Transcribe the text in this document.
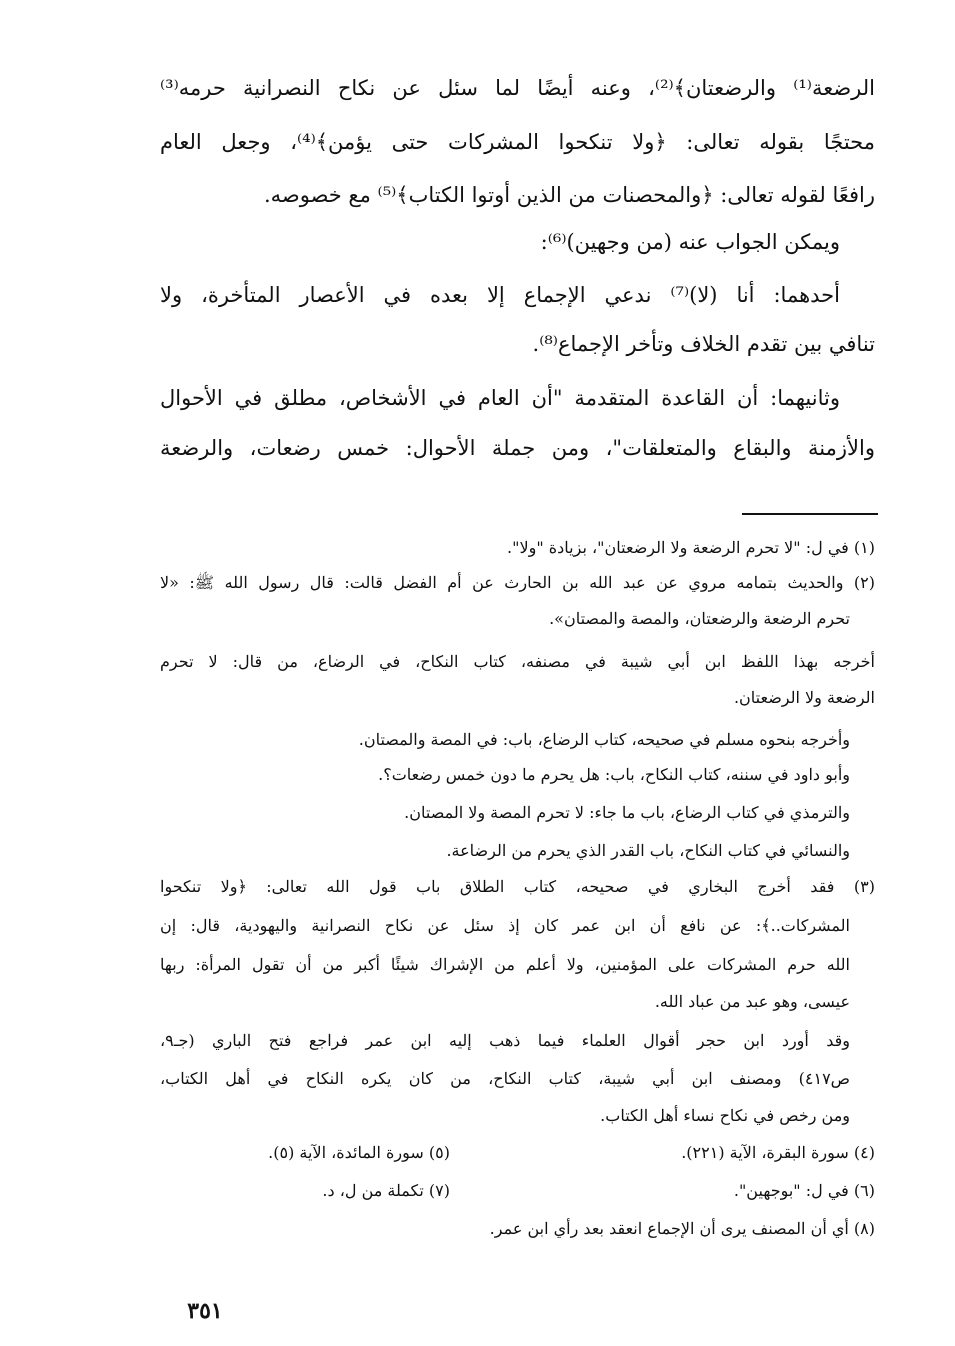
الرضعة⁽¹⁾ والرضعتان﴾⁽²⁾، وعنه أيضًا لما سئل عن نكاح النصرانية حرمه⁽³⁾
محتجًا بقوله تعالى: ﴿ولا تنكحوا المشركات حتى يؤمن﴾⁽⁴⁾، وجعل العام
رافعًا لقوله تعالى: ﴿والمحصنات من الذين أوتوا الكتاب﴾⁽⁵⁾ مع خصوصه.
ويمكن الجواب عنه (من وجهين)⁽⁶⁾:
أحدهما: أنا (لا)⁽⁷⁾ ندعي الإجماع إلا بعده في الأعصار المتأخرة، ولا
تنافي بين تقدم الخلاف وتأخر الإجماع⁽⁸⁾.
وثانيهما: أن القاعدة المتقدمة "أن العام في الأشخاص، مطلق في الأحوال
والأزمنة والبقاع والمتعلقات"، ومن جملة الأحوال: خمس رضعات، والرضعة
(١) في ل: "لا تحرم الرضعة ولا الرضعتان"، بزيادة "ولا".
(٢) والحديث بتمامه مروي عن عبد الله بن الحارث عن أم الفضل قالت: قال رسول الله ﷺ: «لا
تحرم الرضعة والرضعتان، والمصة والمصتان».
أخرجه بهذا اللفظ ابن أبي شيبة في مصنفه، كتاب النكاح، في الرضاع، من قال: لا تحرم
الرضعة ولا الرضعتان.
وأخرجه بنحوه مسلم في صحيحه، كتاب الرضاع، باب: في المصة والمصتان.
وأبو داود في سننه، كتاب النكاح، باب: هل يحرم ما دون خمس رضعات؟.
والترمذي في كتاب الرضاع، باب ما جاء: لا تحرم المصة ولا المصتان.
والنسائي في كتاب النكاح، باب القدر الذي يحرم من الرضاعة.
(٣) فقد أخرج البخاري في صحيحه، كتاب الطلاق باب قول الله تعالى: ﴿ولا تنكحوا
المشركات..﴾: عن نافع أن ابن عمر كان إذ سئل عن نكاح النصرانية واليهودية، قال: إن
الله حرم المشركات على المؤمنين، ولا أعلم من الإشراك شيئًا أكبر من أن تقول المرأة: ربها
عيسى، وهو عبد من عباد الله.
وقد أورد ابن حجر أقوال العلماء فيما ذهب إليه ابن عمر فراجع فتح الباري (جـ٩،
ص٤١٧) ومصنف ابن أبي شيبة، كتاب النكاح، من كان يكره النكاح في أهل الكتاب،
ومن رخص في نكاح نساء أهل الكتاب.
(٤) سورة البقرة، الآية (٢٢١).
(٥) سورة المائدة، الآية (٥).
(٦) في ل: "بوجهين".
(٧) تكملة من ل، د.
(٨) أي أن المصنف يرى أن الإجماع انعقد بعد رأي ابن عمر.
٣٥١
